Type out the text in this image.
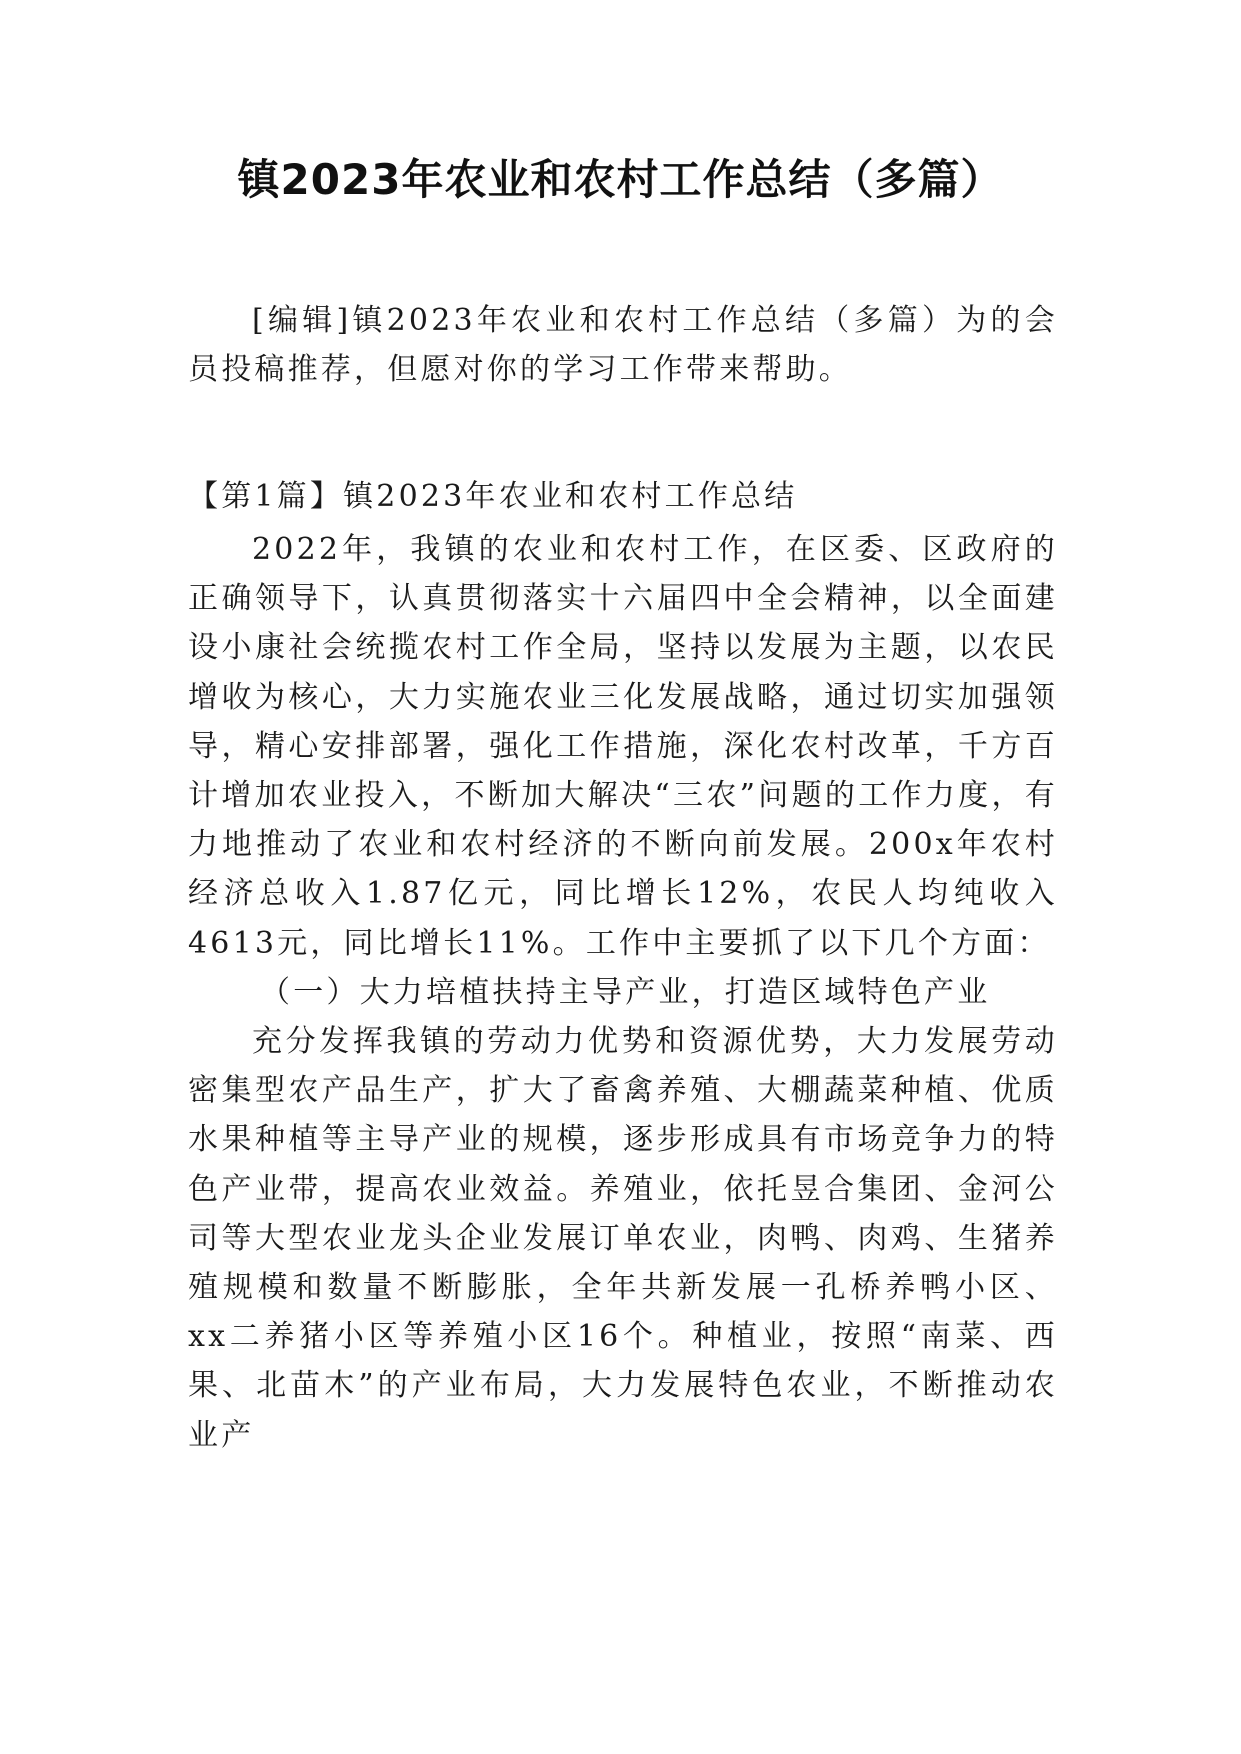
镇2023年农业和农村工作总结（多篇）

[编辑]镇2023年农业和农村工作总结（多篇）为的会员投稿推荐，但愿对你的学习工作带来帮助。

【第1篇】镇2023年农业和农村工作总结

2022年，我镇的农业和农村工作，在区委、区政府的正确领导下，认真贯彻落实十六届四中全会精神，以全面建设小康社会统揽农村工作全局，坚持以发展为主题，以农民增收为核心，大力实施农业三化发展战略，通过切实加强领导，精心安排部署，强化工作措施，深化农村改革，千方百计增加农业投入，不断加大解决“三农”问题的工作力度，有力地推动了农业和农村经济的不断向前发展。200x年农村经济总收入1.87亿元，同比增长12%，农民人均纯收入4613元，同比增长11%。工作中主要抓了以下几个方面：

（一）大力培植扶持主导产业，打造区域特色产业

充分发挥我镇的劳动力优势和资源优势，大力发展劳动密集型农产品生产，扩大了畜禽养殖、大棚蔬菜种植、优质水果种植等主导产业的规模，逐步形成具有市场竞争力的特色产业带，提高农业效益。养殖业，依托昱合集团、金河公司等大型农业龙头企业发展订单农业，肉鸭、肉鸡、生猪养殖规模和数量不断膨胀，全年共新发展一孔桥养鸭小区、xx二养猪小区等养殖小区16个。种植业，按照“南菜、西果、北苗木”的产业布局，大力发展特色农业，不断推动农业产
